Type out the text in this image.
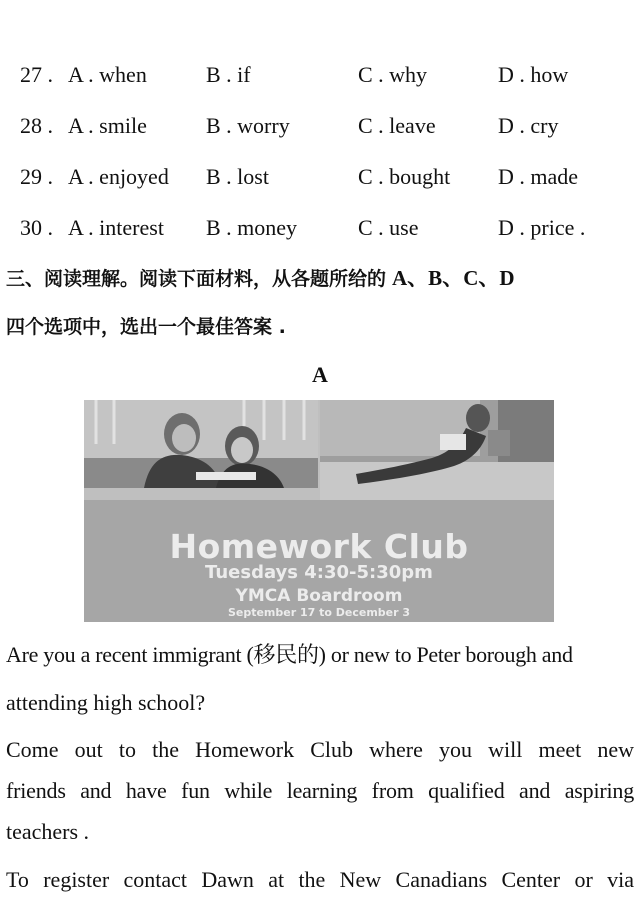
27 . A . when	B . if	C . why	D . how
28 . A . smile	B . worry	C . leave	D . cry
29 . A . enjoyed B . lost	C . bought D . made
30 . A . interest B . money	C . use	D . price .
三、阅读理解。阅读下面材料，从各题所给的 A、B、C、D
四个选项中，选出一个最佳答案 .
A
Homework Club
Tuesdays 4:30-5:30pm
YMCA Boardroom
September 17 to December 3
Are you a recent immigrant (移民的) or new to Peter borough and
attending high school?
Come out to the Homework Club where you will meet new
friends and have fun while learning from qualified and aspiring
teachers .
To register contact Dawn at the New Canadians Center or via
